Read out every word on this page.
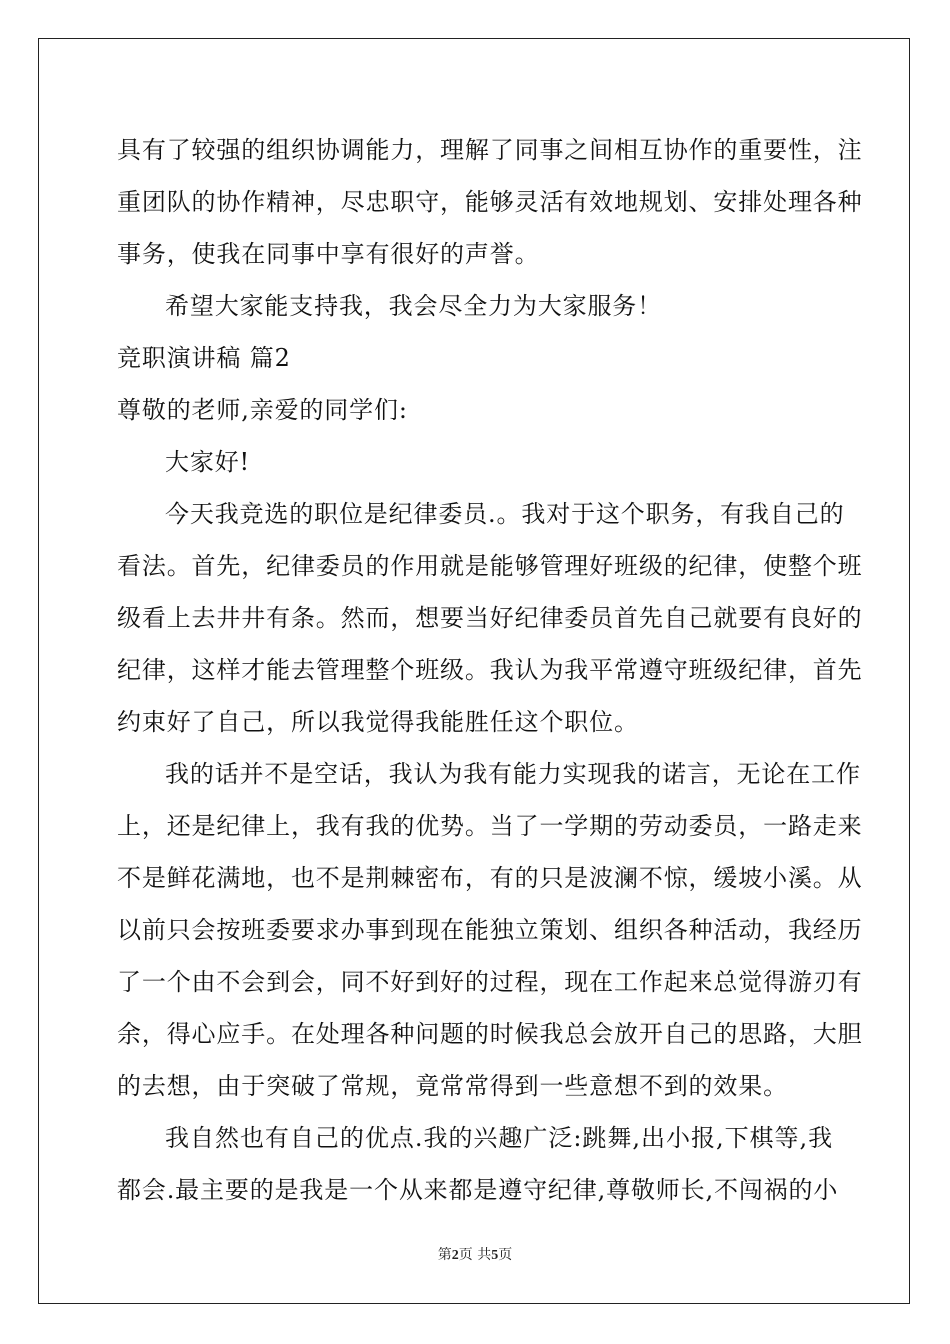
具有了较强的组织协调能力，理解了同事之间相互协作的重要性，注
重团队的协作精神，尽忠职守，能够灵活有效地规划、安排处理各种
事务，使我在同事中享有很好的声誉。
希望大家能支持我，我会尽全力为大家服务！
竞职演讲稿 篇2
尊敬的老师,亲爱的同学们:
大家好!
今天我竞选的职位是纪律委员.。我对于这个职务，有我自己的
看法。首先，纪律委员的作用就是能够管理好班级的纪律，使整个班
级看上去井井有条。然而，想要当好纪律委员首先自己就要有良好的
纪律，这样才能去管理整个班级。我认为我平常遵守班级纪律，首先
约束好了自己，所以我觉得我能胜任这个职位。
我的话并不是空话，我认为我有能力实现我的诺言，无论在工作
上，还是纪律上，我有我的优势。当了一学期的劳动委员，一路走来
不是鲜花满地，也不是荆棘密布，有的只是波澜不惊，缓坡小溪。从
以前只会按班委要求办事到现在能独立策划、组织各种活动，我经历
了一个由不会到会，同不好到好的过程，现在工作起来总觉得游刃有
余，得心应手。在处理各种问题的时候我总会放开自己的思路，大胆
的去想，由于突破了常规，竟常常得到一些意想不到的效果。
我自然也有自己的优点.我的兴趣广泛:跳舞,出小报,下棋等,我
都会.最主要的是我是一个从来都是遵守纪律,尊敬师长,不闯祸的小
第2页 共5页
